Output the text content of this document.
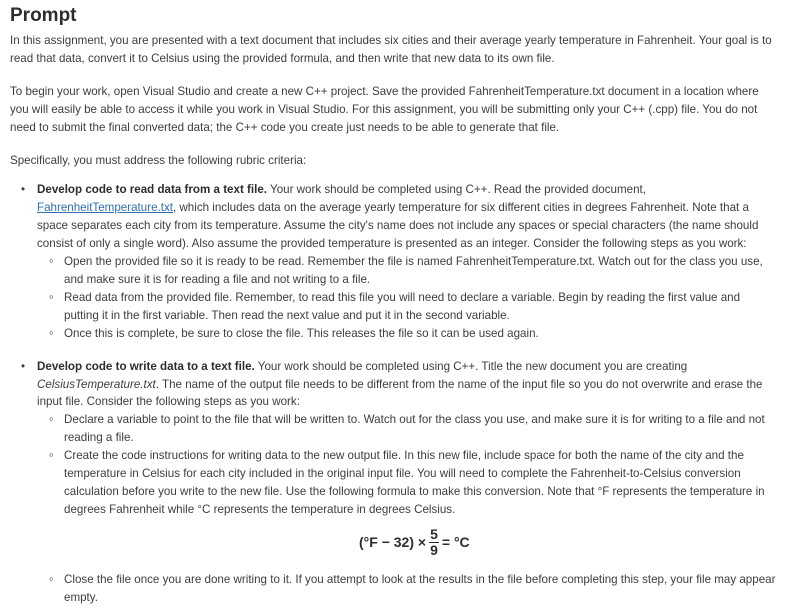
Prompt

In this assignment, you are presented with a text document that includes six cities and their average yearly temperature in Fahrenheit. Your goal is to read that data, convert it to Celsius using the provided formula, and then write that new data to its own file.

To begin your work, open Visual Studio and create a new C++ project. Save the provided FahrenheitTemperature.txt document in a location where you will easily be able to access it while you work in Visual Studio. For this assignment, you will be submitting only your C++ (.cpp) file. You do not need to submit the final converted data; the C++ code you create just needs to be able to generate that file.

Specifically, you must address the following rubric criteria:

• Develop code to read data from a text file. Your work should be completed using C++. Read the provided document, FahrenheitTemperature.txt, which includes data on the average yearly temperature for six different cities in degrees Fahrenheit. Note that a space separates each city from its temperature. Assume the city's name does not include any spaces or special characters (the name should consist of only a single word). Also assume the provided temperature is presented as an integer. Consider the following steps as you work:
◦ Open the provided file so it is ready to be read. Remember the file is named FahrenheitTemperature.txt. Watch out for the class you use, and make sure it is for reading a file and not writing to a file.
◦ Read data from the provided file. Remember, to read this file you will need to declare a variable. Begin by reading the first value and putting it in the first variable. Then read the next value and put it in the second variable.
◦ Once this is complete, be sure to close the file. This releases the file so it can be used again.
• Develop code to write data to a text file. Your work should be completed using C++. Title the new document you are creating CelsiusTemperature.txt. The name of the output file needs to be different from the name of the input file so you do not overwrite and erase the input file. Consider the following steps as you work:
◦ Declare a variable to point to the file that will be written to. Watch out for the class you use, and make sure it is for writing to a file and not reading a file.
◦ Create the code instructions for writing data to the new output file. In this new file, include space for both the name of the city and the temperature in Celsius for each city included in the original input file. You will need to complete the Fahrenheit-to-Celsius conversion calculation before you write to the new file. Use the following formula to make this conversion. Note that °F represents the temperature in degrees Fahrenheit while °C represents the temperature in degrees Celsius.
$(^\circ F - 32) \times \frac{5}{9} = ^\circ C$
◦ Close the file once you are done writing to it. If you attempt to look at the results in the file before completing this step, your file may appear empty.
